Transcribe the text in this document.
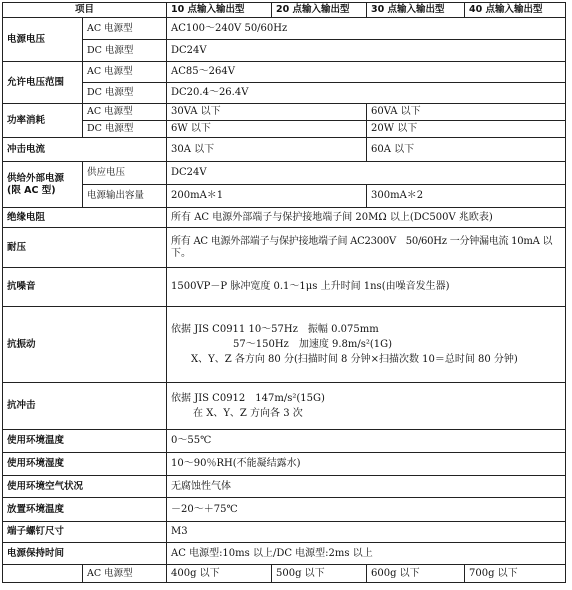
项目		10 点输入输出型	20 点输入输出型	30 点输入输出型	40 点输入输出型
电源电压	AC 电源型	AC100～240V 50/60Hz			
	DC 电源型	DC24V			
允许电压范围	AC 电源型	AC85～264V			
	DC 电源型	DC20.4～26.4V			
功率消耗	AC 电源型	30VA 以下		60VA 以下	
	DC 电源型	6W 以下		20W 以下	
冲击电流		30A 以下		60A 以下	

供给外部电源
(限 AC 型)	供应电压	DC24V			
	电源输出容量	200mA＊1		300mA＊2	
绝缘电阻		所有 AC 电源外部端子与保护接地端子间 20MΩ 以上(DC500V 兆欧表)			
耐压		所有 AC 电源外部端子与保护接地端子间 AC2300V　50/60Hz 一分钟漏电流 10mA 以
下。			

抗噪音		1500VP－P 脉冲宽度 0.1～1μs 上升时间 1ns(由噪音发生器)			
抗振动		依据 JIS C0911 10～57Hz　振幅 0.075mm
57～150Hz　加速度 9.8m/s²(1G)
X、Y、Z 各方向 80 分(扫描时间 8 分钟×扫描次数 10＝总时间 80 分钟)			

抗冲击		依据 JIS C0912　147m/s²(15G)
在 X、Y、Z 方向各 3 次			

使用环境温度		0～55℃			
使用环境湿度		10～90％RH(不能凝结露水)			
使用环境空气状况		无腐蚀性气体			
放置环境温度		－20～＋75℃			
端子螺钉尺寸		M3			
电源保持时间		AC 电源型:10ms 以上/DC 电源型:2ms 以上			
	AC 电源型	400g 以下	500g 以下	600g 以下	700g 以下
